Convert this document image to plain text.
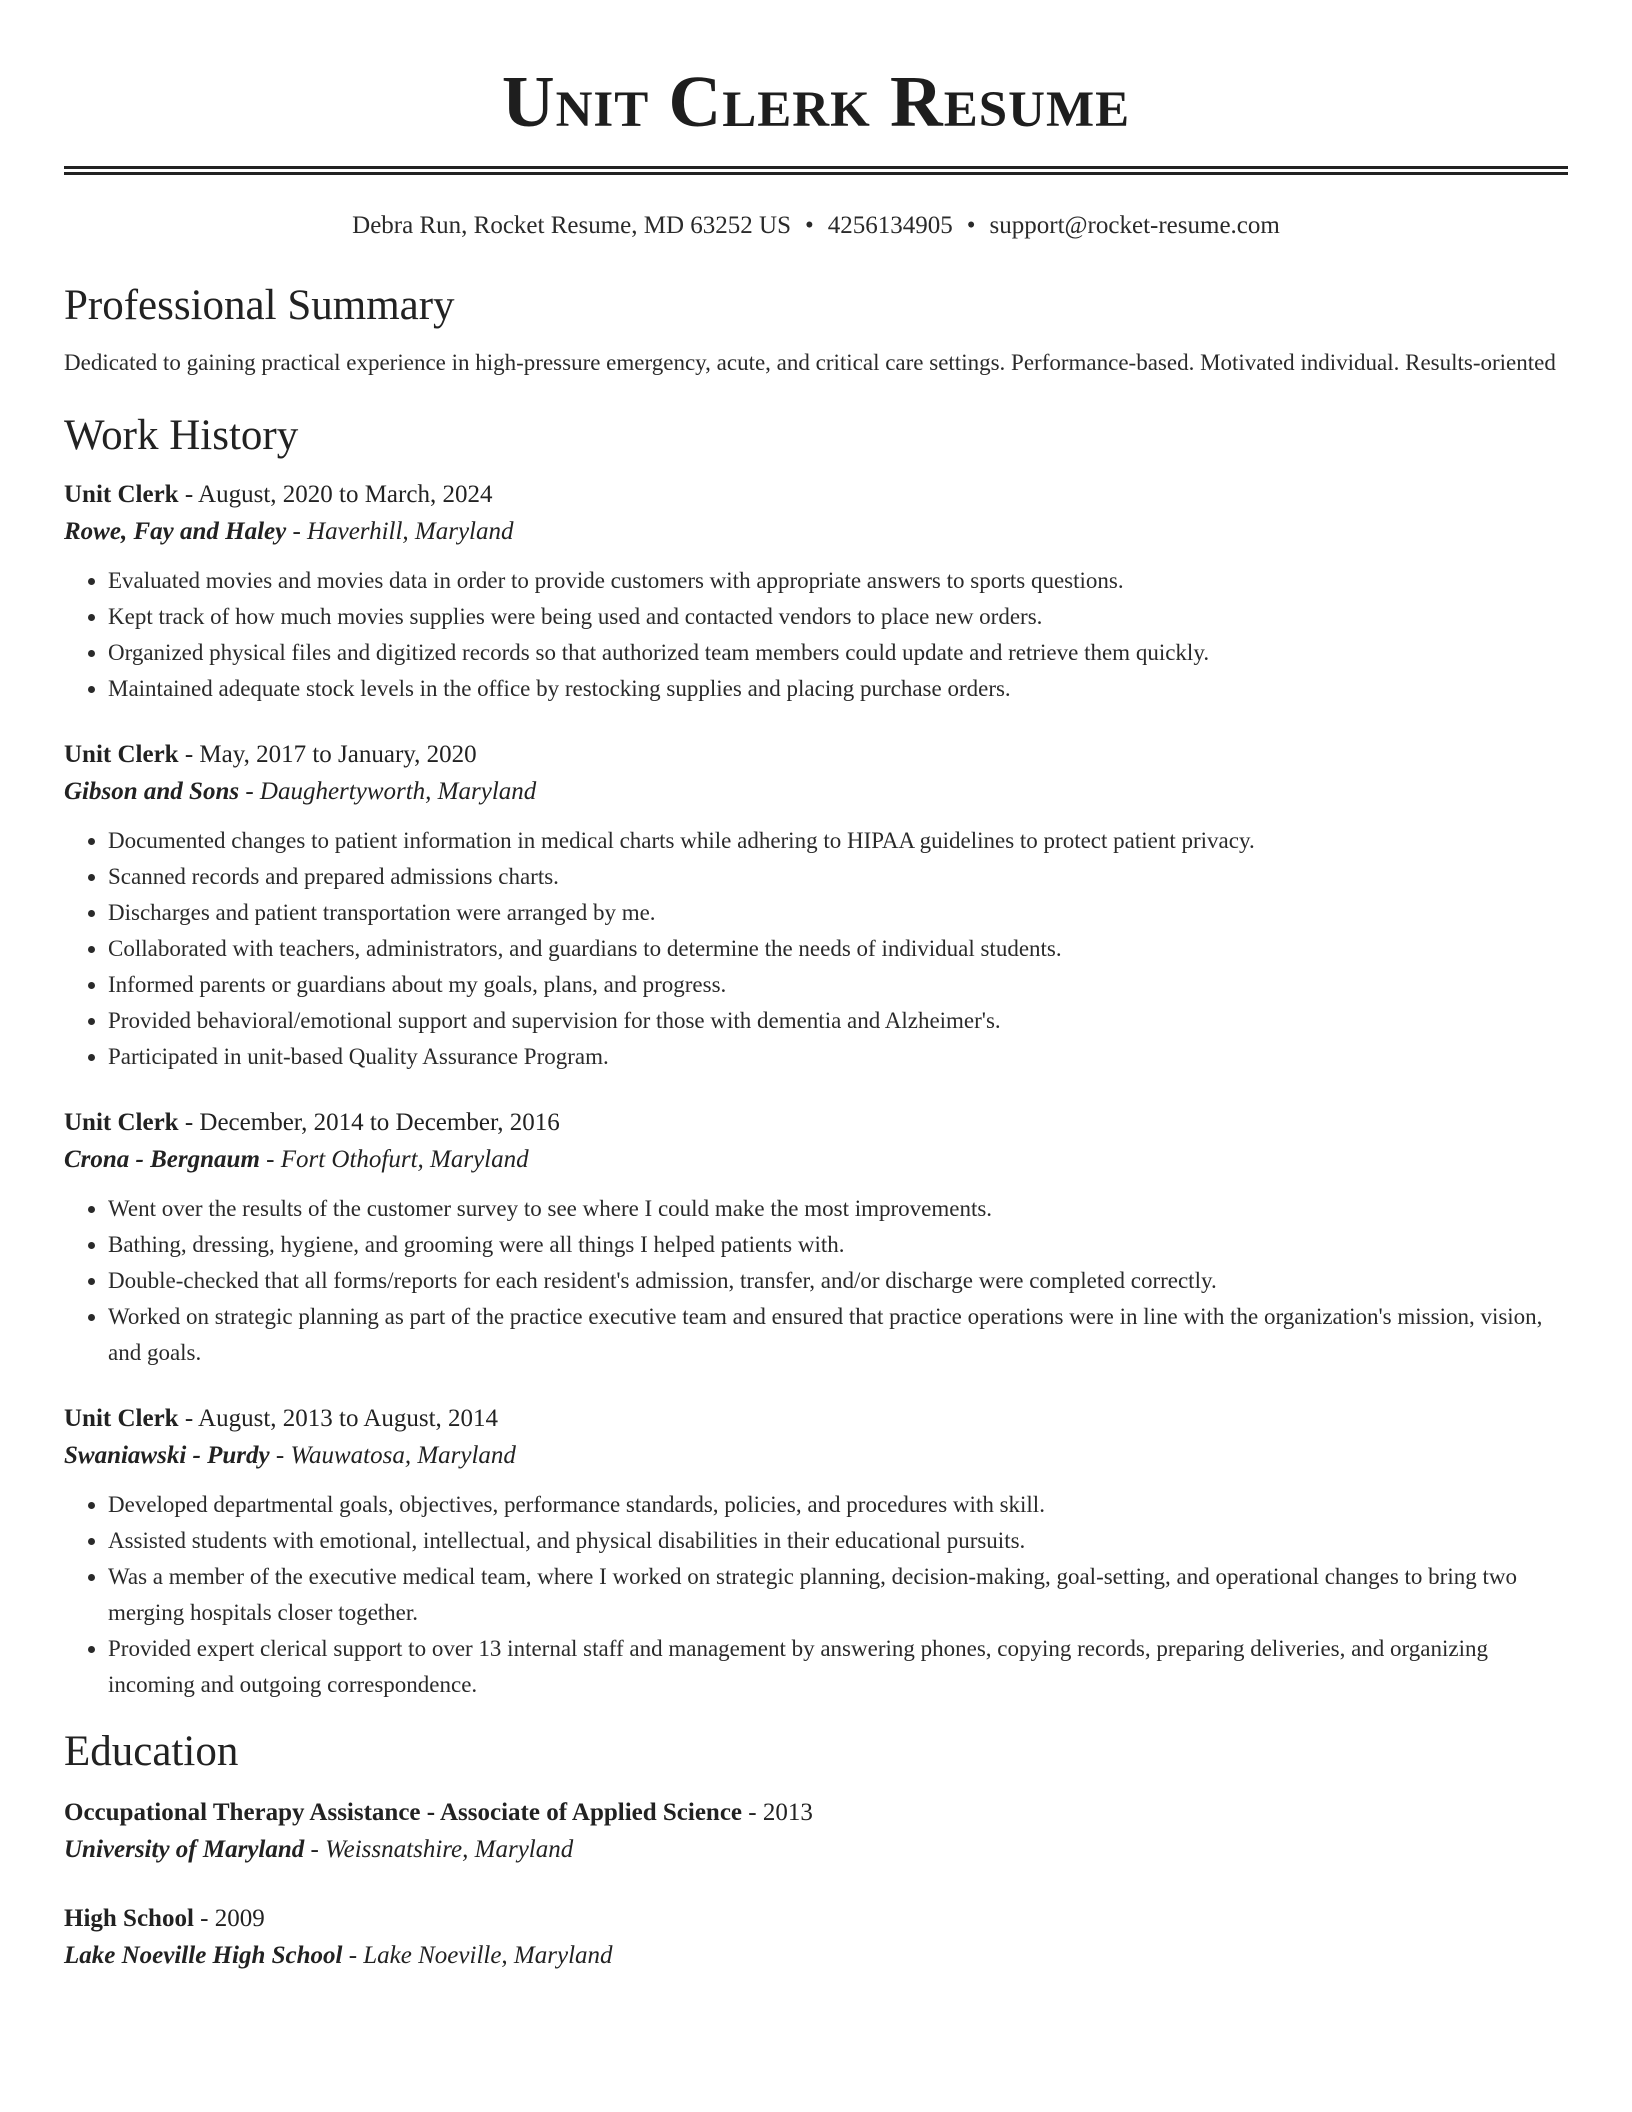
Unit Clerk Resume
Debra Run, Rocket Resume, MD 63252 US • 4256134905 • support@rocket-resume.com
Professional Summary

Dedicated to gaining practical experience in high-pressure emergency, acute, and critical care settings. Performance-based. Motivated individual. Results-oriented

Work History
Unit Clerk - August, 2020 to March, 2024
Rowe, Fay and Haley - Haverhill, Maryland
• Evaluated movies and movies data in order to provide customers with appropriate answers to sports questions.
• Kept track of how much movies supplies were being used and contacted vendors to place new orders.
• Organized physical files and digitized records so that authorized team members could update and retrieve them quickly.
• Maintained adequate stock levels in the office by restocking supplies and placing purchase orders.
Unit Clerk - May, 2017 to January, 2020
Gibson and Sons - Daughertyworth, Maryland
• Documented changes to patient information in medical charts while adhering to HIPAA guidelines to protect patient privacy.
• Scanned records and prepared admissions charts.
• Discharges and patient transportation were arranged by me.
• Collaborated with teachers, administrators, and guardians to determine the needs of individual students.
• Informed parents or guardians about my goals, plans, and progress.
• Provided behavioral/emotional support and supervision for those with dementia and Alzheimer's.
• Participated in unit-based Quality Assurance Program.
Unit Clerk - December, 2014 to December, 2016
Crona - Bergnaum - Fort Othofurt, Maryland
• Went over the results of the customer survey to see where I could make the most improvements.
• Bathing, dressing, hygiene, and grooming were all things I helped patients with.
• Double-checked that all forms/reports for each resident's admission, transfer, and/or discharge were completed correctly.
• Worked on strategic planning as part of the practice executive team and ensured that practice operations were in line with the organization's mission, vision, and goals.
Unit Clerk - August, 2013 to August, 2014
Swaniawski - Purdy - Wauwatosa, Maryland
• Developed departmental goals, objectives, performance standards, policies, and procedures with skill.
• Assisted students with emotional, intellectual, and physical disabilities in their educational pursuits.
• Was a member of the executive medical team, where I worked on strategic planning, decision-making, goal-setting, and operational changes to bring two merging hospitals closer together.
• Provided expert clerical support to over 13 internal staff and management by answering phones, copying records, preparing deliveries, and organizing incoming and outgoing correspondence.
Education
Occupational Therapy Assistance - Associate of Applied Science - 2013
University of Maryland - Weissnatshire, Maryland
High School - 2009
Lake Noeville High School - Lake Noeville, Maryland
